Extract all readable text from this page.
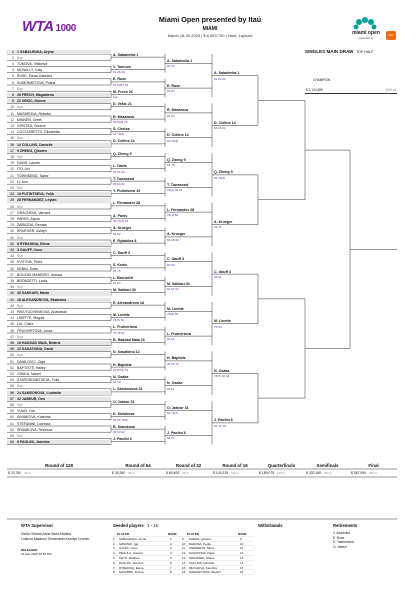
WTA 1000
Miami Open presented by Itaú
MIAMI
March 18-30 2025 | $ 8,963,700 | Hard, Laykold	miami open
presented by
itaú
SINGLES MAIN DRAW TOP HALF
CHAMPION
$ 1,124,380	1000 pt
1 1 SABALENKA, Aryna
2 Bye
3 TOMOVA, Viktoriya
4 MCNALLY, Caty
5 RUSE, Elena-Gabriela
6 KUDERMETOVA, Polina
7 Bye
8 26 FRECH, Magdalena
9 21 VEKIC, Donna
10 Bye
11 MASAROVA, Rebeka
12 MINNEN, Greet
13 CIRSTEA, Sorana
14 COCCIARETTO, Elisabetta
15 Bye
16 14 COLLINS, Danielle
17 9 ZHENG, Qinwen
18 Bye
19 DAVIS, Lauren
20 ITO, Aoi
21 TOWNSEND, Taylor
22 LI, Ann
23 Bye
24 19 PUTINTSEVA, Yulia
25 28 FERNANDEZ, Leylah
26 Bye
27 GRACHEVA, Varvara
28 PARKS, Alycia
29 ZARAZUA, Renata
30 KRUEGER, Ashlyn
31 Bye
32 8 RYBAKINA, Elena
33 3 GAUFF, Coco
34 Bye
35 KVITOVA, Petra
36 KENIN, Sofia
37 BOUZAS MANEIRO, Jessica
38 BRONZETTI, Lucia
39 Bye
40 30 SAKKARI, Maria
41 18 ALEXANDROVA, Ekaterina
42 Bye
43 PAVLYUCHENKOVA, Anastasia
44 LINETTE, Magda
45 LIU, Claire
46 FRUHVIRTOVA, Linda
47 Bye
48 16 HADDAD MAIA, Beatriz
49 12 KASATKINA, Daria
50 Bye
51 DANILOVIC, Olga
52 BAPTISTE, Hailey
53 OSAKA, Naomi
54 STAROSDUBTSEVA, Yulia
55 Bye
56 24 SAMSONOVA, Liudmila
57 32 JABEUR, Ons
58 Bye
59 YUAN, Yue
60 SINIAKOVA, Katerina
61 STEFANINI, Lucrezia
62 SRAMKOVA, Rebecca
63 Bye
64 6 PAOLINI, Jasmine
A. Sabalenka 1
V. Tomova
61 26 63
E. Ruse
61 6(5)7 62
M. Frech 26
bye
D. Vekic 21
R. Masarova
67(5)64 75
S. Cirstea
61 76(5)
D. Collins 14
Q. Zheng 9
L. Davis
61 46 64
T. Townsend
36 64 62
Y. Putintseva 19
L. Fernandez 28
A. Parks
36 76(3) 63
A. Krueger
62 62
E. Rybakina 8
C. Gauff 3
S. Kenin
64 75
L. Bronzetti
64 63
M. Sakkari 30
E. Alexandrova 18
M. Linette
76(5) 62
L. Fruhvirtova
75 46 63
B. Haddad Maia 16
D. Kasatkina 12
H. Baptiste
61 57(3) 61
N. Osaka
64 63
L. Samsonova 24
O. Jabeur 31
K. Siniakova
62 26 76(4)
R. Sramkova
36 63 62
J. Paolini 6
A. Sabalenka 1
63 60
E. Ruse
64 64
R. Masarova
61 63
D. Collins 14
64 76(3)
Q. Zheng 9
61 75
T. Townsend
76(2) 36 61
L. Fernandez 28
76(1) 63
A. Krueger
64 26 64
C. Gauff 3
60 60
M. Sakkari 30
62 57 64
M. Linette
76(6) 63
L. Fruhvirtova
64 62
H. Baptiste
36 64 76
N. Osaka
62 61
O. Jabeur 31
64 76(7)
J. Paolini 6
64 64
A. Sabalenka 1
61 62 62
D. Collins 14
64 26 61
Q. Zheng 9
61 76(3)
A. Krueger
61 75
C. Gauff 3
62 64
M. Linette
75 64
N. Osaka
76(5) 36 64
J. Paolini 6
64 46 76
Round of 128
$ 23,760 10 pt
Round of 64
$ 35,260 35 pt
Round of 32
$ 60,400 65 pt
Round of 16
$ 103,225 120 pt
Quarterfinals
$ 189,075 215 pt
Semifinals
$ 332,160 390 pt
Final
$ 587,990 650 pt
WTA Supervisor
Giulia Orlandi,Anne Bees,Marlina
Lutkova,Madison Shoemaker,Karolyn Cramer
RELEASED
22 Mar 2025 10:52 PM
Seeded players 1 - 16
PLAYER	RANK	PLAYER	RANK
1 SABALENKA, Aryna	1	9 ZHENG, Qinwen	9
2 SWIATEK, Iga	2	10 BADOSA, Paula	10
3 GAUFF, Coco	3	11 ANDREEVA, Mirra	11
4 PEGULA, Jessica	4	12 KASATKINA, Daria	12
5 KEYS, Madison	5	13 SHNAIDER, Diana	13
6 PAOLINI, Jasmine	6	14 COLLINS, Danielle	14
7 RYBAKINA, Elena	7	15 MUCHOVA, Karolina	15
8 NAVARRO, Emma	8	16 HADDAD MAIA, Beatriz	16
Withdrawals	Retirements
V. Azarenka
E. Ruse
D. Yastremska
O. Jabeur
